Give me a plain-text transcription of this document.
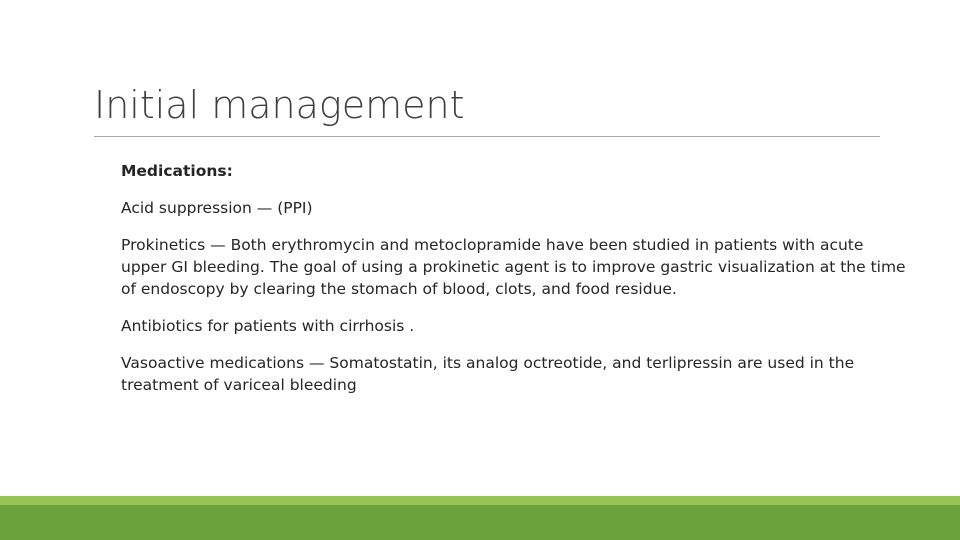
Initial management

Medications:

Acid suppression — (PPI)

Prokinetics — Both erythromycin and metoclopramide have been studied in patients with acute upper GI bleeding. The goal of using a prokinetic agent is to improve gastric visualization at the time of endoscopy by clearing the stomach of blood, clots, and food residue.

Antibiotics for patients with cirrhosis .

Vasoactive medications — Somatostatin, its analog octreotide, and terlipressin are used in the treatment of variceal bleeding
